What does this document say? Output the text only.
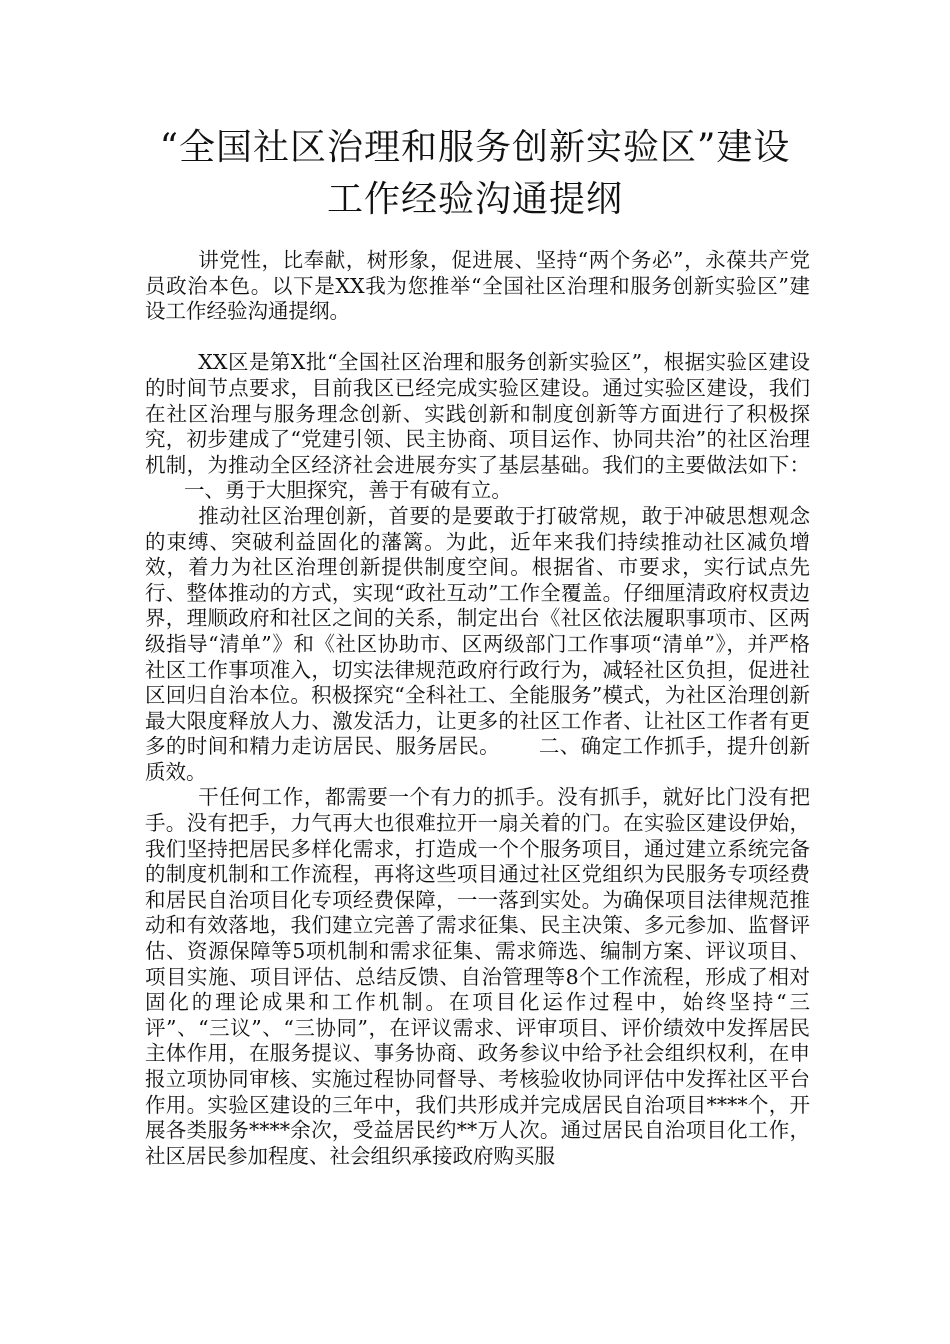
“全国社区治理和服务创新实验区”建设
工作经验沟通提纲

讲党性，比奉献，树形象，促进展、坚持“两个务必”，永葆共产党员政治本色。以下是XX我为您推举“全国社区治理和服务创新实验区”建设工作经验沟通提纲。

XX区是第X批“全国社区治理和服务创新实验区”，根据实验区建设的时间节点要求，目前我区已经完成实验区建设。通过实验区建设，我们在社区治理与服务理念创新、实践创新和制度创新等方面进行了积极探究，初步建成了“党建引领、民主协商、项目运作、协同共治”的社区治理机制，为推动全区经济社会进展夯实了基层基础。我们的主要做法如下：一、勇于大胆探究，善于有破有立。

推动社区治理创新，首要的是要敢于打破常规，敢于冲破思想观念的束缚、突破利益固化的藩篱。为此，近年来我们持续推动社区减负增效，着力为社区治理创新提供制度空间。根据省、市要求，实行试点先行、整体推动的方式，实现“政社互动”工作全覆盖。仔细厘清政府权责边界，理顺政府和社区之间的关系，制定出台《社区依法履职事项市、区两级指导“清单”》和《社区协助市、区两级部门工作事项“清单”》，并严格社区工作事项准入，切实法律规范政府行政行为，减轻社区负担，促进社区回归自治本位。积极探究“全科社工、全能服务”模式，为社区治理创新最大限度释放人力、激发活力，让更多的社区工作者、让社区工作者有更多的时间和精力走访居民、服务居民。 二、确定工作抓手，提升创新质效。

干任何工作，都需要一个有力的抓手。没有抓手，就好比门没有把手。没有把手，力气再大也很难拉开一扇关着的门。在实验区建设伊始，我们坚持把居民多样化需求，打造成一个个服务项目，通过建立系统完备的制度机制和工作流程，再将这些项目通过社区党组织为民服务专项经费和居民自治项目化专项经费保障，一一落到实处。为确保项目法律规范推动和有效落地，我们建立完善了需求征集、民主决策、多元参加、监督评估、资源保障等5项机制和需求征集、需求筛选、编制方案、评议项目、项目实施、项目评估、总结反馈、自治管理等8个工作流程，形成了相对固化的理论成果和工作机制。在项目化运作过程中，始终坚持“三评”、“三议”、“三协同”，在评议需求、评审项目、评价绩效中发挥居民主体作用，在服务提议、事务协商、政务参议中给予社会组织权利，在申报立项协同审核、实施过程协同督导、考核验收协同评估中发挥社区平台作用。实验区建设的三年中，我们共形成并完成居民自治项目****个，开展各类服务****余次，受益居民约**万人次。通过居民自治项目化工作，社区居民参加程度、社会组织承接政府购买服
